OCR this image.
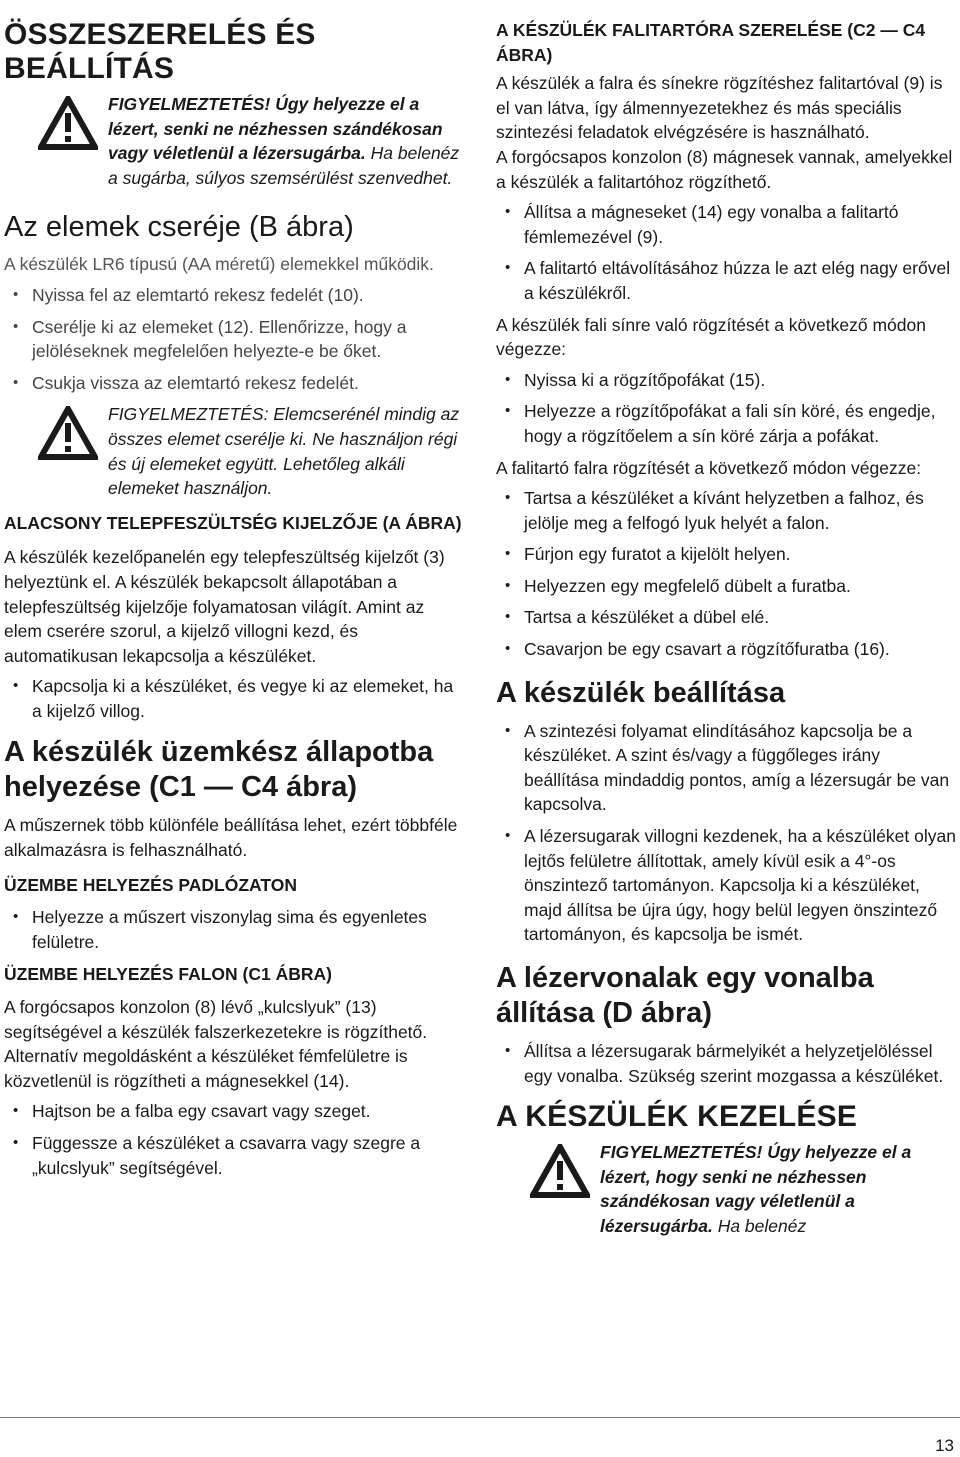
ÖSSZESZERELÉS ÉS BEÁLLÍTÁS

FIGYELMEZTETÉS! Úgy helyezze el a lézert, senki ne nézhessen szándékosan vagy véletlenül a lézersugárba. Ha belenéz a sugárba, súlyos szemsérülést szenvedhet.

Az elemek cseréje (B ábra)

A készülék LR6 típusú (AA méretű) elemekkel működik.

• Nyissa fel az elemtartó rekesz fedelét (10).
• Cserélje ki az elemeket (12). Ellenőrizze, hogy a jelöléseknek megfelelően helyezte-e be őket.
• Csukja vissza az elemtartó rekesz fedelét.

FIGYELMEZTETÉS: Elemcserénél mindig az összes elemet cserélje ki. Ne használjon régi és új elemeket együtt. Lehetőleg alkáli elemeket használjon.

ALACSONY TELEPFESZÜLTSÉG KIJELZŐJE (A ÁBRA)

A készülék kezelőpanelén egy telepfeszültség kijelzőt (3) helyeztünk el. A készülék bekapcsolt állapotában a telepfeszültség kijelzője folyamatosan világít. Amint az elem cserére szorul, a kijelző villogni kezd, és automatikusan lekapcsolja a készüléket.

• Kapcsolja ki a készüléket, és vegye ki az elemeket, ha a kijelző villog.
A készülék üzemkész állapotba helyezése (C1 — C4 ábra)

A műszernek több különféle beállítása lehet, ezért többféle alkalmazásra is felhasználható.

ÜZEMBE HELYEZÉS PADLÓZATON
• Helyezze a műszert viszonylag sima és egyenletes felületre.
ÜZEMBE HELYEZÉS FALON (C1 ÁBRA)

A forgócsapos konzolon (8) lévő „kulcslyuk” (13) segítségével a készülék falszerkezetekre is rögzíthető. Alternatív megoldásként a készüléket fémfelületre is közvetlenül is rögzítheti a mágnesekkel (14).

• Hajtson be a falba egy csavart vagy szeget.
• Függessze a készüléket a csavarra vagy szegre a „kulcslyuk” segítségével.
A KÉSZÜLÉK FALITARTÓRA SZERELÉSE (C2 — C4 ÁBRA)

A készülék a falra és sínekre rögzítéshez falitartóval (9) is el van látva, így álmennyezetekhez és más speciális szintezési feladatok elvégzésére is használható.

A forgócsapos konzolon (8) mágnesek vannak, amelyekkel a készülék a falitartóhoz rögzíthető.

• Állítsa a mágneseket (14) egy vonalba a falitartó fémlemezével (9).
• A falitartó eltávolításához húzza le azt elég nagy erővel a készülékről.

A készülék fali sínre való rögzítését a következő módon végezze:

• Nyissa ki a rögzítőpofákat (15).
• Helyezze a rögzítőpofákat a fali sín köré, és engedje, hogy a rögzítőelem a sín köré zárja a pofákat.

A falitartó falra rögzítését a következő módon végezze:

• Tartsa a készüléket a kívánt helyzetben a falhoz, és jelölje meg a felfogó lyuk helyét a falon.
• Fúrjon egy furatot a kijelölt helyen.
• Helyezzen egy megfelelő dübelt a furatba.
• Tartsa a készüléket a dübel elé.
• Csavarjon be egy csavart a rögzítőfuratba (16).
A készülék beállítása
• A szintezési folyamat elindításához kapcsolja be a készüléket. A szint és/vagy a függőleges irány beállítása mindaddig pontos, amíg a lézersugár be van kapcsolva.
• A lézersugarak villogni kezdenek, ha a készüléket olyan lejtős felületre állítottak, amely kívül esik a 4°-os önszintező tartományon. Kapcsolja ki a készüléket, majd állítsa be újra úgy, hogy belül legyen önszintező tartományon, és kapcsolja be ismét.
A lézervonalak egy vonalba állítása (D ábra)
• Állítsa a lézersugarak bármelyikét a helyzetjelöléssel egy vonalba. Szükség szerint mozgassa a készüléket.
A KÉSZÜLÉK KEZELÉSE

FIGYELMEZTETÉS! Úgy helyezze el a lézert, hogy senki ne nézhessen szándékosan vagy véletlenül a lézersugárba. Ha belenéz

13
